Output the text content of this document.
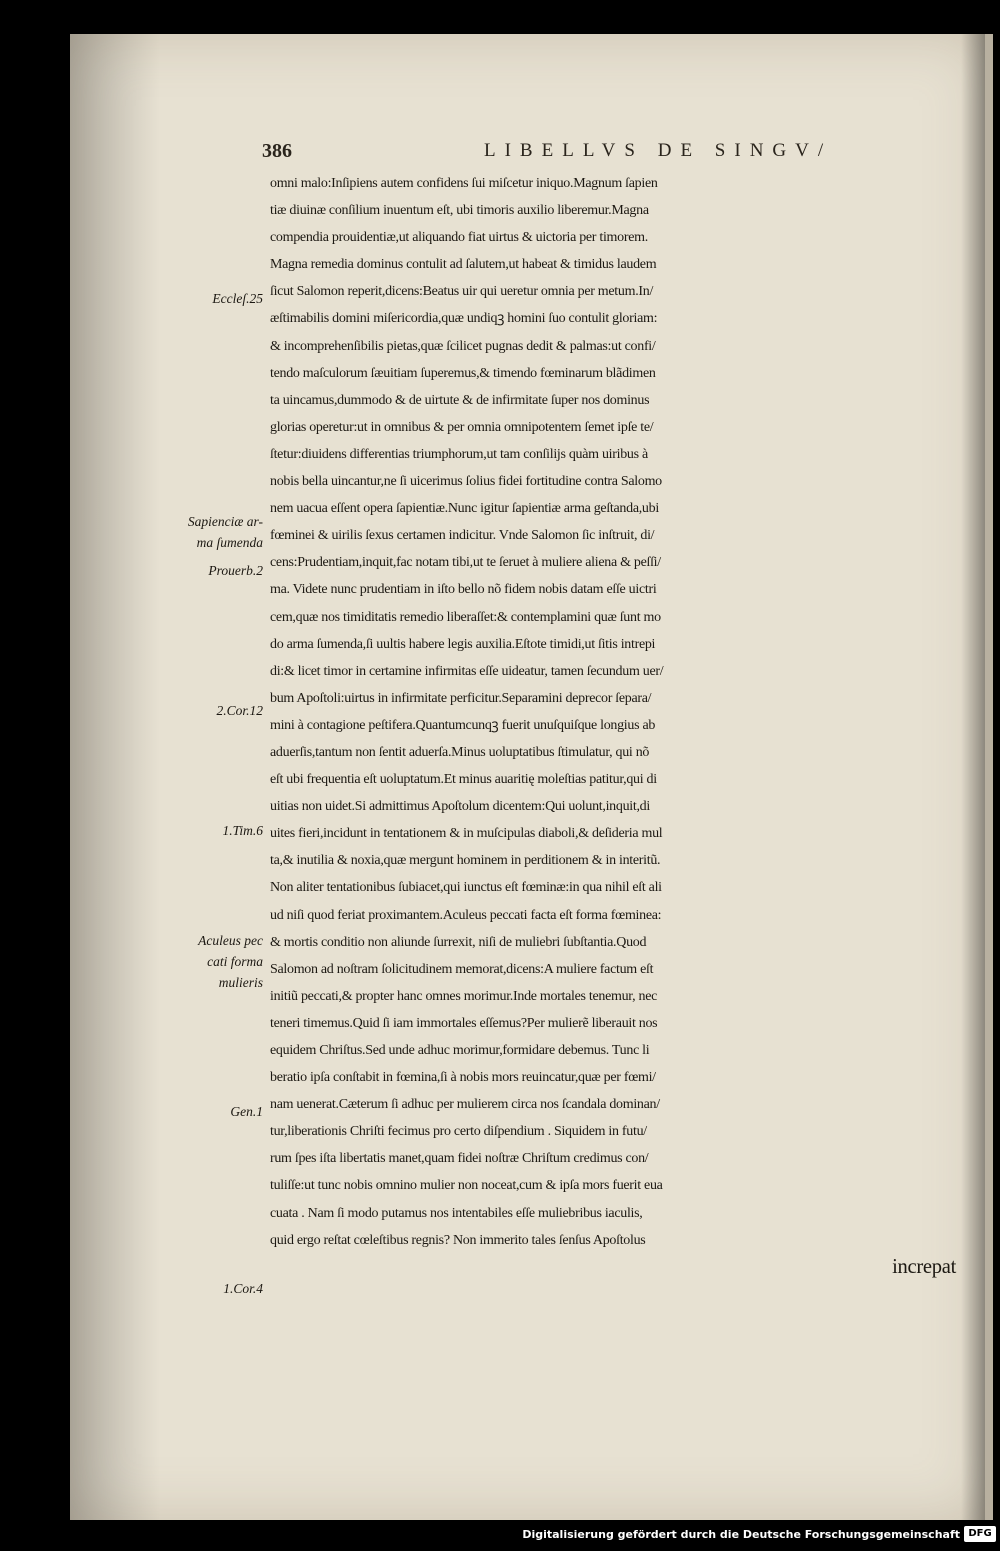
386	LIBELLVS DE SINGV/
omni malo:Inſipiens autem confidens ſui miſcetur iniquo.Magnum ſapien
tiæ diuinæ conſilium inuentum eſt, ubi timoris auxilio liberemur.Magna
compendia prouidentiæ,ut aliquando fiat uirtus & uictoria per timorem.
Magna remedia dominus contulit ad ſalutem,ut habeat & timidus laudem
ſicut Salomon reperit,dicens:Beatus uir qui ueretur omnia per metum.In/
æſtimabilis domini miſericordia,quæ undiqꝫ homini ſuo contulit gloriam:
& incomprehenſibilis pietas,quæ ſcilicet pugnas dedit & palmas:ut confi/
tendo maſculorum ſæuitiam ſuperemus,& timendo fœminarum blãdimen
ta uincamus,dummodo & de uirtute & de infirmitate ſuper nos dominus
glorias operetur:ut in omnibus & per omnia omnipotentem ſemet ipſe te/
ſtetur:diuidens differentias triumphorum,ut tam conſilijs quàm uiribus à
nobis bella uincantur,ne ſi uicerimus ſolius fidei fortitudine contra Salomo
nem uacua eſſent opera ſapientiæ.Nunc igitur ſapientiæ arma geſtanda,ubi
fœminei & uirilis ſexus certamen indicitur. Vnde Salomon ſic inſtruit, di/
cens:Prudentiam,inquit,fac notam tibi,ut te ſeruet à muliere aliena & peſſi/
ma. Videte nunc prudentiam in iſto bello nõ fidem nobis datam eſſe uictri
cem,quæ nos timiditatis remedio liberaſſet:& contemplamini quæ ſunt mo
do arma ſumenda,ſi uultis habere legis auxilia.Eſtote timidi,ut ſitis intrepi
di:& licet timor in certamine infirmitas eſſe uideatur, tamen ſecundum uer/
bum Apoſtoli:uirtus in infirmitate perficitur.Separamini deprecor ſepara/
mini à contagione peſtifera.Quantumcunqꝫ fuerit unuſquiſque longius ab
aduerſis,tantum non ſentit aduerſa.Minus uoluptatibus ſtimulatur, qui nõ
eſt ubi frequentia eſt uoluptatum.Et minus auaritię moleſtias patitur,qui di
uitias non uidet.Si admittimus Apoſtolum dicentem:Qui uolunt,inquit,di
uites fieri,incidunt in tentationem & in muſcipulas diaboli,& deſideria mul
ta,& inutilia & noxia,quæ mergunt hominem in perditionem & in interitũ.
Non aliter tentationibus ſubiacet,qui iunctus eſt fœminæ:in qua nihil eſt ali
ud niſi quod feriat proximantem.Aculeus peccati facta eſt forma fœminea:
& mortis conditio non aliunde ſurrexit, niſi de muliebri ſubſtantia.Quod
Salomon ad noſtram ſolicitudinem memorat,dicens:A muliere factum eſt
initiũ peccati,& propter hanc omnes morimur.Inde mortales tenemur, nec
teneri timemus.Quid ſi iam immortales eſſemus?Per mulierẽ liberauit nos
equidem Chriſtus.Sed unde adhuc morimur,formidare debemus. Tunc li
beratio ipſa conſtabit in fœmina,ſi à nobis mors reuincatur,quæ per fœmi/
nam uenerat.Cæterum ſi adhuc per mulierem circa nos ſcandala dominan/
tur,liberationis Chriſti fecimus pro certo diſpendium . Siquidem in futu/
rum ſpes iſta libertatis manet,quam fidei noſtræ Chriſtum credimus con/
tuliſſe:ut tunc nobis omnino mulier non noceat,cum & ipſa mors fuerit eua
cuata . Nam ſi modo putamus nos intentabiles eſſe muliebribus iaculis,
quid ergo reſtat cœleſtibus regnis? Non immerito tales ſenſus Apoſtolus
increpat
Eccleſ.25
Sapienciæ ar-
ma ſumenda
Prouerb.2
2.Cor.12
1.Tim.6
Aculeus pec
cati forma
mulieris
Gen.1
1.Cor.4
Digitalisierung gefördert durch die Deutsche Forschungsgemeinschaft DFG
